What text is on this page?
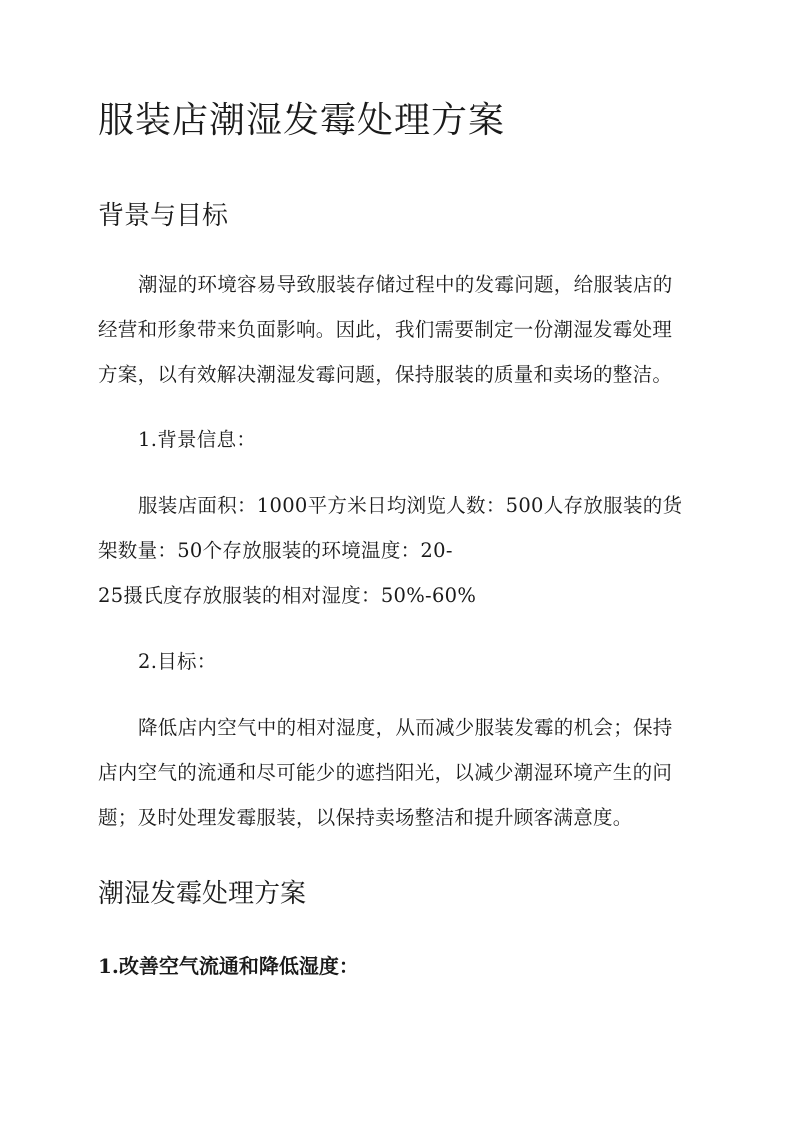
服装店潮湿发霉处理方案
背景与目标

潮湿的环境容易导致服装存储过程中的发霉问题，给服装店的
经营和形象带来负面影响。因此，我们需要制定一份潮湿发霉处理
方案，以有效解决潮湿发霉问题，保持服装的质量和卖场的整洁。

1.背景信息：

服装店面积：1000平方米日均浏览人数：500人存放服装的货
架数量：50个存放服装的环境温度：20-
25摄氏度存放服装的相对湿度：50%-60%

2.目标：

降低店内空气中的相对湿度，从而减少服装发霉的机会；保持
店内空气的流通和尽可能少的遮挡阳光，以减少潮湿环境产生的问
题；及时处理发霉服装，以保持卖场整洁和提升顾客满意度。

潮湿发霉处理方案
1.改善空气流通和降低湿度：
